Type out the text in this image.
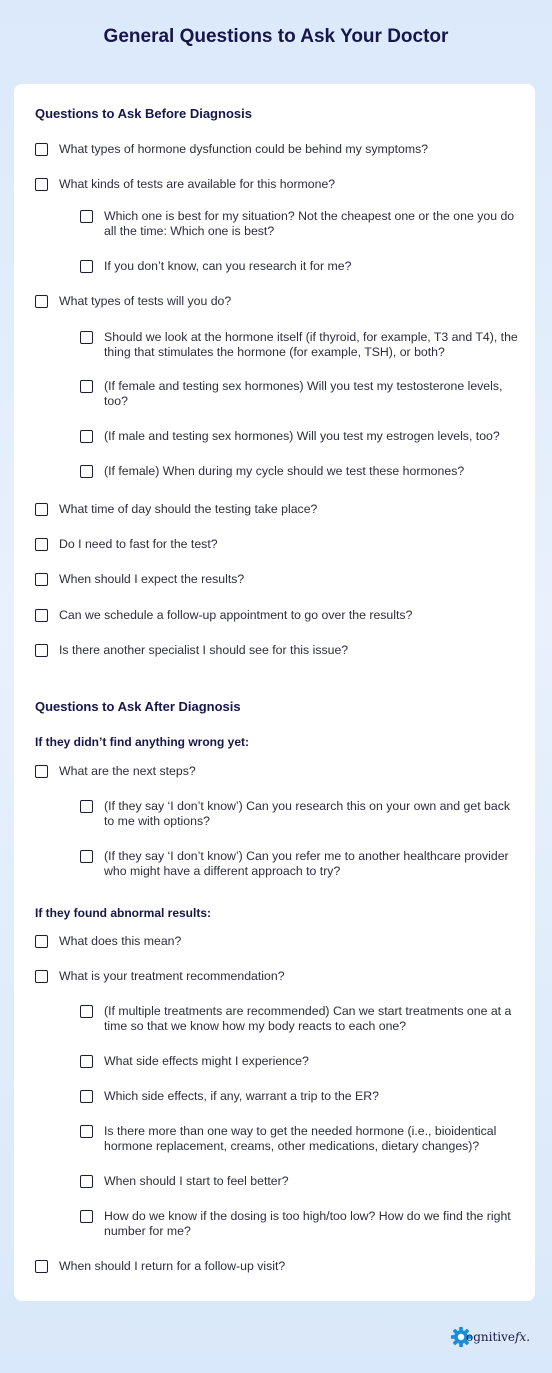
General Questions to Ask Your Doctor
Questions to Ask Before Diagnosis
What types of hormone dysfunction could be behind my symptoms?
What kinds of tests are available for this hormone?
Which one is best for my situation? Not the cheapest one or the one you do all the time: Which one is best?
If you don’t know, can you research it for me?
What types of tests will you do?
Should we look at the hormone itself (if thyroid, for example, T3 and T4), the thing that stimulates the hormone (for example, TSH), or both?
(If female and testing sex hormones) Will you test my testosterone levels, too?
(If male and testing sex hormones) Will you test my estrogen levels, too?
(If female) When during my cycle should we test these hormones?
What time of day should the testing take place?
Do I need to fast for the test?
When should I expect the results?
Can we schedule a follow-up appointment to go over the results?
Is there another specialist I should see for this issue?
Questions to Ask After Diagnosis
If they didn’t find anything wrong yet:
What are the next steps?
(If they say ‘I don’t know’) Can you research this on your own and get back to me with options?
(If they say ‘I don’t know’) Can you refer me to another healthcare provider who might have a different approach to try?
If they found abnormal results:
What does this mean?
What is your treatment recommendation?
(If multiple treatments are recommended) Can we start treatments one at a time so that we know how my body reacts to each one?
What side effects might I experience?
Which side effects, if any, warrant a trip to the ER?
Is there more than one way to get the needed hormone (i.e., bioidentical hormone replacement, creams, other medications, dietary changes)?
When should I start to feel better?
How do we know if the dosing is too high/too low? How do we find the right number for me?
When should I return for a follow-up visit?
ognitivefx.
